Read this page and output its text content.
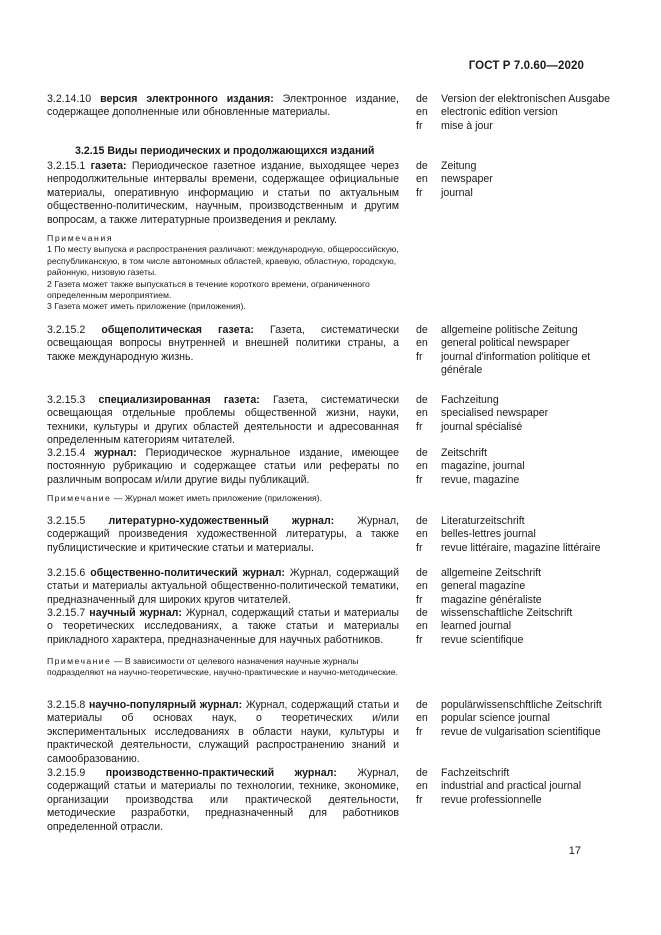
ГОСТ Р 7.0.60—2020
3.2.14.10 версия электронного издания: Электронное издание, содержащее дополненные или обновленные материалы.
de	Version der elektronischen Ausgabe
en	electronic edition version
fr	mise à jour
3.2.15 Виды периодических и продолжающихся изданий
3.2.15.1 газета: Периодическое газетное издание, выходящее через непродолжительные интервалы времени, содержащее официальные материалы, оперативную информацию и статьи по актуальным общественно-политическим, научным, производственным и другим вопросам, а также литературные произведения и рекламу.
de	Zeitung
en	newspaper
fr	journal
Примечания
1 По месту выпуска и распространения различают: международную, общероссийскую, республиканскую, в том числе автономных областей, краевую, областную, городскую, районную, низовую газеты.
2 Газета может также выпускаться в течение короткого времени, ограниченного определенным мероприятием.
3 Газета может иметь приложение (приложения).
3.2.15.2 общеполитическая газета: Газета, систематически освещающая вопросы внутренней и внешней политики страны, а также международную жизнь.
de	allgemeine politische Zeitung
en	general political newspaper
fr	journal d'information politique et générale
3.2.15.3 специализированная газета: Газета, систематически освещающая отдельные проблемы общественной жизни, науки, техники, культуры и других областей деятельности и адресованная определенным категориям читателей.
de	Fachzeitung
en	specialised newspaper
fr	journal spécialisé
3.2.15.4 журнал: Периодическое журнальное издание, имеющее постоянную рубрикацию и содержащее статьи или рефераты по различным вопросам и/или другие виды публикаций.
de	Zeitschrift
en	magazine, journal
fr	revue, magazine
Примечание — Журнал может иметь приложение (приложения).
3.2.15.5 литературно-художественный журнал: Журнал, содержащий произведения художественной литературы, а также публицистические и критические статьи и материалы.
de	Literaturzeitschrift
en	belles-lettres journal
fr	revue littéraire, magazine littéraire
3.2.15.6 общественно-политический журнал: Журнал, содержащий статьи и материалы актуальной общественно-политической тематики, предназначенный для широких кругов читателей.
de	allgemeine Zeitschrift
en	general magazine
fr	magazine généraliste
3.2.15.7 научный журнал: Журнал, содержащий статьи и материалы о теоретических исследованиях, а также статьи и материалы прикладного характера, предназначенные для научных работников.
de	wissenschaftliche Zeitschrift
en	learned journal
fr	revue scientifique
Примечание — В зависимости от целевого назначения научные журналы подразделяют на научно-теоретические, научно-практические и научно-методические.
3.2.15.8 научно-популярный журнал: Журнал, содержащий статьи и материалы об основах наук, о теоретических и/или экспериментальных исследованиях в области науки, культуры и практической деятельности, служащий распространению знаний и самообразованию.
de	populärwissenschftliche Zeitschrift
en	popular science journal
fr	revue de vulgarisation scientifique
3.2.15.9 производственно-практический журнал: Журнал, содержащий статьи и материалы по технологии, технике, экономике, организации производства или практической деятельности, методические разработки, предназначенный для работников определенной отрасли.
de	Fachzeitschrift
en	industrial and practical journal
fr	revue professionnelle
17
